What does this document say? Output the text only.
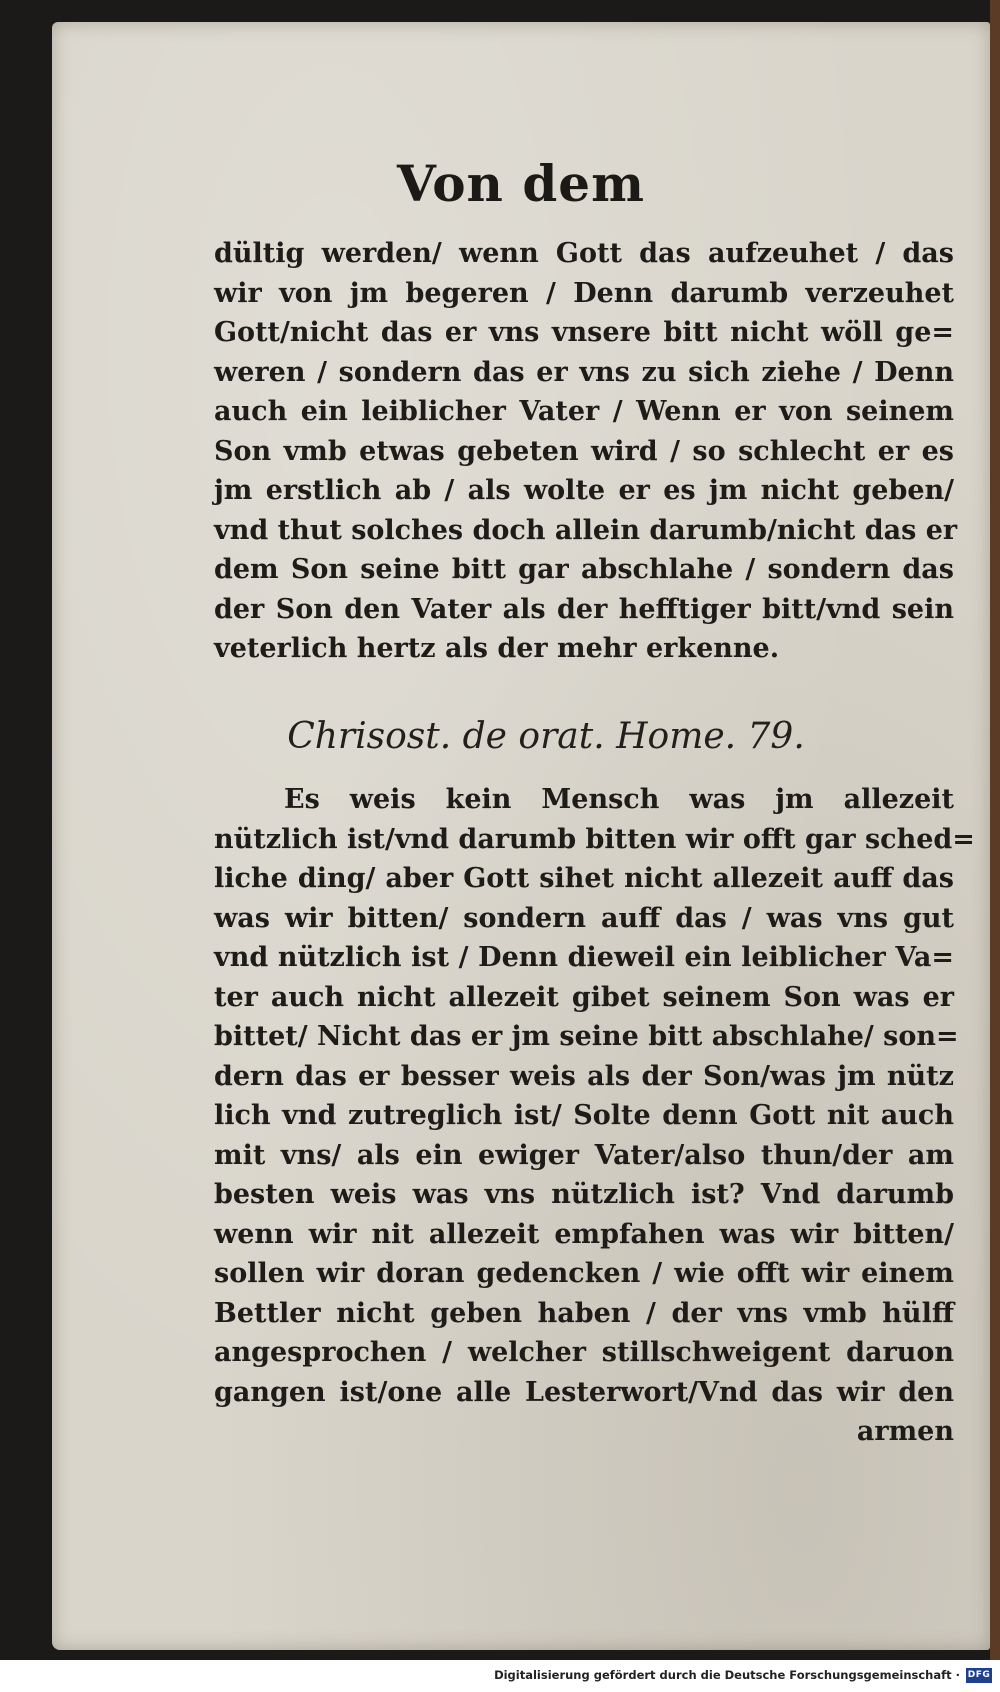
Von dem
dültig werden/ wenn Gott das aufzeuhet / das
wir von jm begeren / Denn darumb verzeuhet
Gott/nicht das er vns vnsere bitt nicht wöll ge=
weren / sondern das er vns zu sich ziehe / Denn
auch ein leiblicher Vater / Wenn er von seinem
Son vmb etwas gebeten wird / so schlecht er es
jm erstlich ab / als wolte er es jm nicht geben/
vnd thut solches doch allein darumb/nicht das er
dem Son seine bitt gar abschlahe / sondern das
der Son den Vater als der hefftiger bitt/vnd sein
veterlich hertz als der mehr erkenne.
Chrisost. de orat. Home. 79.
Es weis kein Mensch was jm allezeit
nützlich ist/vnd darumb bitten wir offt gar sched=
liche ding/ aber Gott sihet nicht allezeit auff das
was wir bitten/ sondern auff das / was vns gut
vnd nützlich ist / Denn dieweil ein leiblicher Va=
ter auch nicht allezeit gibet seinem Son was er
bittet/ Nicht das er jm seine bitt abschlahe/ son=
dern das er besser weis als der Son/was jm nütz
lich vnd zutreglich ist/ Solte denn Gott nit auch
mit vns/ als ein ewiger Vater/also thun/der am
besten weis was vns nützlich ist? Vnd darumb
wenn wir nit allezeit empfahen was wir bitten/
sollen wir doran gedencken / wie offt wir einem
Bettler nicht geben haben / der vns vmb hülff
angesprochen / welcher stillschweigent daruon
gangen ist/one alle Lesterwort/Vnd das wir den
armen
Digitalisierung gefördert durch die Deutsche Forschungsgemeinschaft · DFG
